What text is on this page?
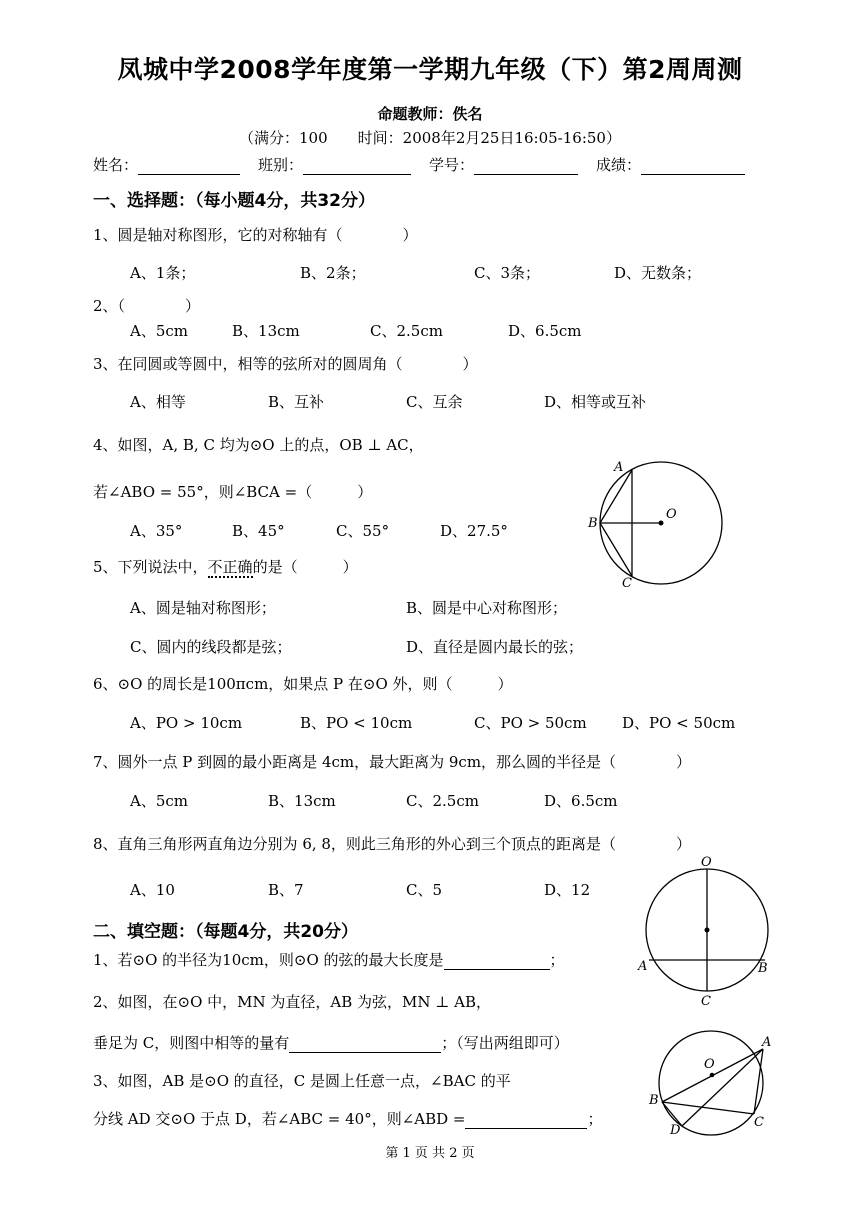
凤城中学2008学年度第一学期九年级（下）第2周周测
命题教师：佚名
（满分：100　　时间：2008年2月25日16:05-16:50）
姓名：	班别：	学号：	成绩：
一、选择题：（每小题4分，共32分）
1、圆是轴对称图形，它的对称轴有（　　　　）
A、1条；	B、2条；	C、3条；	D、无数条；
2、（　　　　）
A、5cm	B、13cm	C、2.5cm	D、6.5cm
3、在同圆或等圆中，相等的弦所对的圆周角（　　　　）
A、相等	B、互补	C、互余	D、相等或互补
4、如图，A, B, C 均为⊙O 上的点，OB ⊥ AC，
若∠ABO = 55°，则∠BCA =（　　　）
A、35°	B、45°	C、55°	D、27.5°
5、下列说法中，不正确的是（　　　）
A、圆是轴对称图形；	B、圆是中心对称图形；
C、圆内的线段都是弦；	D、直径是圆内最长的弦；
6、⊙O 的周长是100πcm，如果点 P 在⊙O 外，则（　　　）
A、PO > 10cm	B、PO < 10cm	C、PO > 50cm D、PO < 50cm
7、圆外一点 P 到圆的最小距离是 4cm，最大距离为 9cm，那么圆的半径是（　　　　）
A、5cm	B、13cm	C、2.5cm	D、6.5cm
8、直角三角形两直角边分别为 6, 8，则此三角形的外心到三个顶点的距离是（　　　　）
A、10	B、7	C、5	D、12
二、填空题：（每题4分，共20分）
1、若⊙O 的半径为10cm，则⊙O 的弦的最大长度是	；
2、如图，在⊙O 中，MN 为直径，AB 为弦，MN ⊥ AB，
垂足为 C，则图中相等的量有	；（写出两组即可）
3、如图，AB 是⊙O 的直径，C 是圆上任意一点，∠BAC 的平
分线 AD 交⊙O 于点 D，若∠ABC = 40°，则∠ABD =	；
A
B
C
O
O
A	B
C
O
A
B
C
D
第 1 页 共 2 页
